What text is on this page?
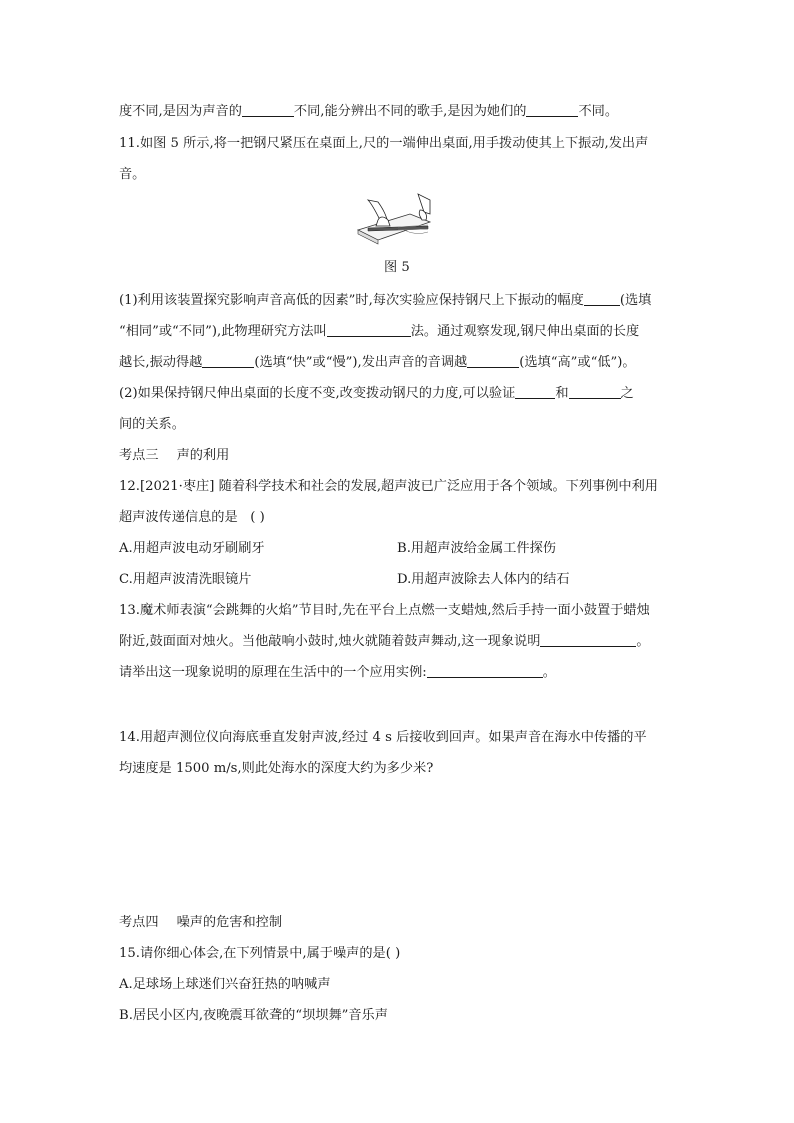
度不同,是因为声音的	不同,能分辨出不同的歌手,是因为她们的	不同。
11.如图 5 所示,将一把钢尺紧压在桌面上,尺的一端伸出桌面,用手拨动使其上下振动,发出声
音。
图 5
(1)利用该装置探究影响声音高低的因素”时,每次实验应保持钢尺上下振动的幅度	(选填
“相同”或“不同”),此物理研究方法叫	法。通过观察发现,钢尺伸出桌面的长度
越长,振动得越	(选填“快”或“慢”),发出声音的音调越	(选填“高”或“低”)。
(2)如果保持钢尺伸出桌面的长度不变,改变拨动钢尺的力度,可以验证	和	之
间的关系。
考点三 声的利用
12.[2021·枣庄] 随着科学技术和社会的发展,超声波已广泛应用于各个领域。下列事例中利用
超声波传递信息的是 ( )
A.用超声波电动牙刷刷牙	B.用超声波给金属工件探伤
C.用超声波清洗眼镜片	D.用超声波除去人体内的结石
13.魔术师表演“会跳舞的火焰”节目时,先在平台上点燃一支蜡烛,然后手持一面小鼓置于蜡烛
附近,鼓面面对烛火。当他敲响小鼓时,烛火就随着鼓声舞动,这一现象说明	。
请举出这一现象说明的原理在生活中的一个应用实例:	。
14.用超声测位仪向海底垂直发射声波,经过 4 s 后接收到回声。如果声音在海水中传播的平
均速度是 1500 m/s,则此处海水的深度大约为多少米?
考点四 噪声的危害和控制
15.请你细心体会,在下列情景中,属于噪声的是( )
A.足球场上球迷们兴奋狂热的呐喊声
B.居民小区内,夜晚震耳欲聋的“坝坝舞”音乐声
